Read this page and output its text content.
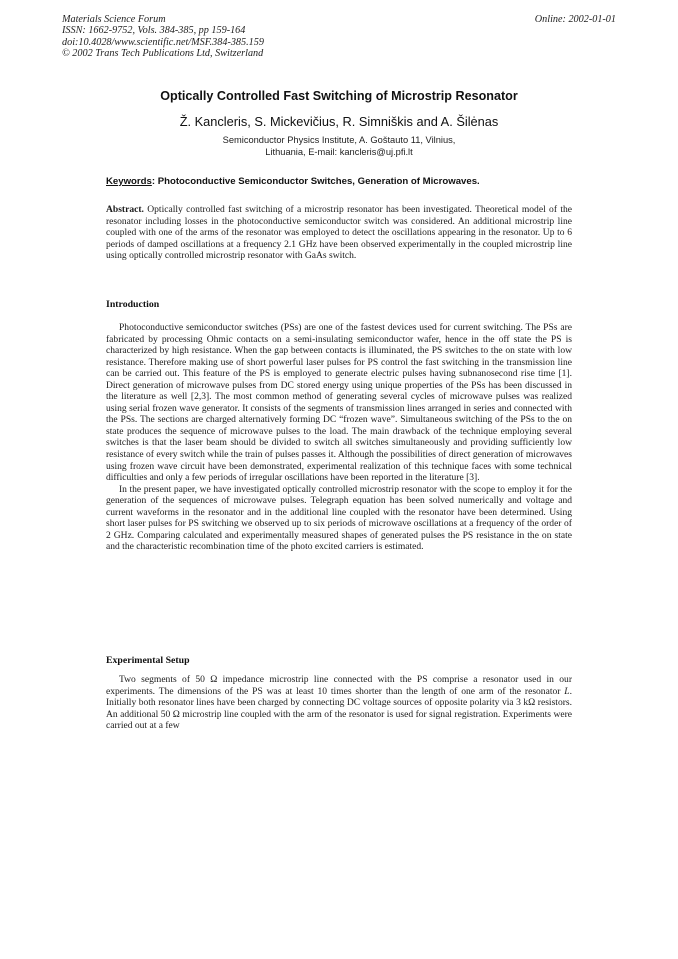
Materials Science Forum
ISSN: 1662-9752, Vols. 384-385, pp 159-164
doi:10.4028/www.scientific.net/MSF.384-385.159
© 2002 Trans Tech Publications Ltd, Switzerland
Online: 2002-01-01
Optically Controlled Fast Switching of Microstrip Resonator
Ž. Kancleris, S. Mickevičius, R. Simniškis and A. Šilėnas
Semiconductor Physics Institute, A. Goštauto 11, Vilnius,
Lithuania, E-mail: kancleris@uj.pfi.lt
Keywords: Photoconductive Semiconductor Switches, Generation of Microwaves.

Abstract. Optically controlled fast switching of a microstrip resonator has been investigated. Theoretical model of the resonator including losses in the photoconductive semiconductor switch was considered. An additional microstrip line coupled with one of the arms of the resonator was employed to detect the oscillations appearing in the resonator. Up to 6 periods of damped oscillations at a frequency 2.1 GHz have been observed experimentally in the coupled microstrip line using optically controlled microstrip resonator with GaAs switch.

Introduction

Photoconductive semiconductor switches (PSs) are one of the fastest devices used for current switching. The PSs are fabricated by processing Ohmic contacts on a semi-insulating semiconductor wafer, hence in the off state the PS is characterized by high resistance. When the gap between contacts is illuminated, the PS switches to the on state with low resistance. Therefore making use of short powerful laser pulses for PS control the fast switching in the transmission line can be carried out. This feature of the PS is employed to generate electric pulses having subnanosecond rise time [1]. Direct generation of microwave pulses from DC stored energy using unique properties of the PSs has been discussed in the literature as well [2,3]. The most common method of generating several cycles of microwave pulses was realized using serial frozen wave generator. It consists of the segments of transmission lines arranged in series and connected with the PSs. The sections are charged alternatively forming DC “frozen wave”. Simultaneous switching of the PSs to the on state produces the sequence of microwave pulses to the load. The main drawback of the technique employing several switches is that the laser beam should be divided to switch all switches simultaneously and providing sufficiently low resistance of every switch while the train of pulses passes it. Although the possibilities of direct generation of microwaves using frozen wave circuit have been demonstrated, experimental realization of this technique faces with some technical difficulties and only a few periods of irregular oscillations have been reported in the literature [3].

In the present paper, we have investigated optically controlled microstrip resonator with the scope to employ it for the generation of the sequences of microwave pulses. Telegraph equation has been solved numerically and voltage and current waveforms in the resonator and in the additional line coupled with the resonator have been determined. Using short laser pulses for PS switching we observed up to six periods of microwave oscillations at a frequency of the order of 2 GHz. Comparing calculated and experimentally measured shapes of generated pulses the PS resistance in the on state and the characteristic recombination time of the photo excited carriers is estimated.

Experimental Setup

Two segments of 50 Ω impedance microstrip line connected with the PS comprise a resonator used in our experiments. The dimensions of the PS was at least 10 times shorter than the length of one arm of the resonator L. Initially both resonator lines have been charged by connecting DC voltage sources of opposite polarity via 3 kΩ resistors. An additional 50 Ω microstrip line coupled with the arm of the resonator is used for signal registration. Experiments were carried out at a few
